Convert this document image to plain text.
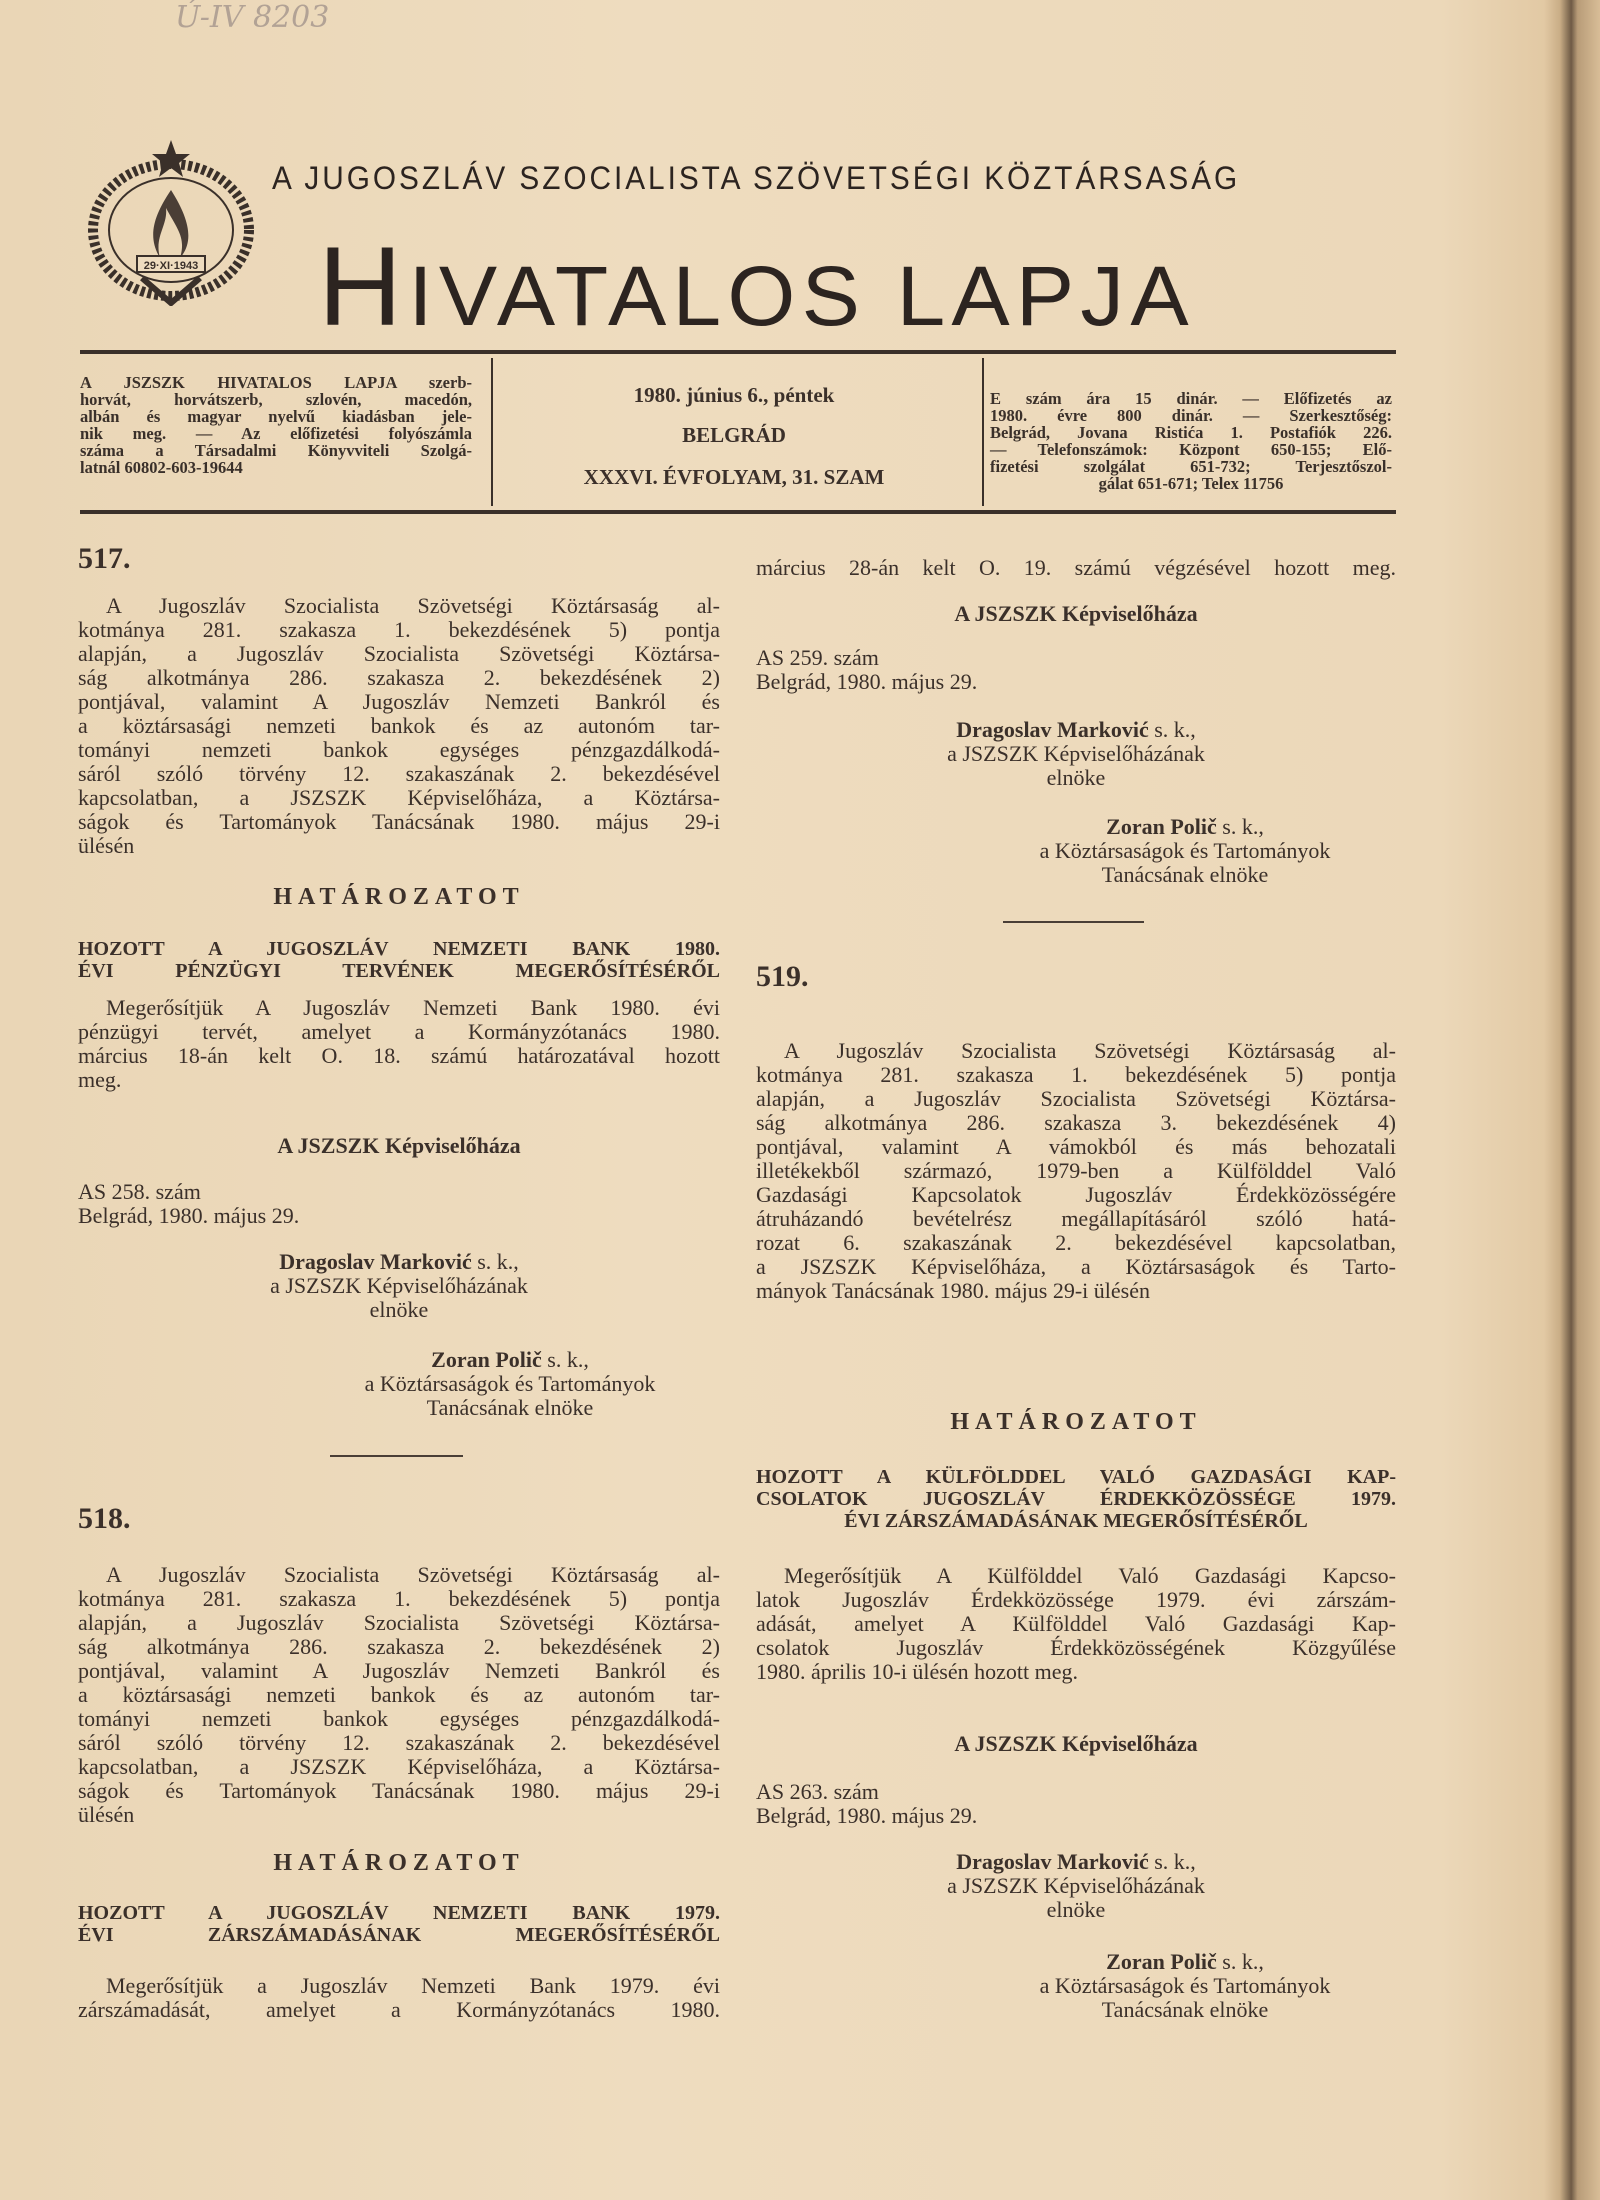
Ú-IV 8203
29·XI·1943
A JUGOSZLÁV SZOCIALISTA SZÖVETSÉGI KÖZTÁRSASÁG
HIVATALOS LAPJA
A JSZSZK HIVATALOS LAPJA szerb-
horvát, horvátszerb, szlovén, macedón,
albán és magyar nyelvű kiadásban jele-
nik meg. — Az előfizetési folyószámla
száma a Társadalmi Könyvviteli Szolgá-
latnál 60802-603-19644
1980. június 6., péntek
BELGRÁD
XXXVI. ÉVFOLYAM, 31. SZAM
E szám ára 15 dinár. — Előfizetés az
1980. évre 800 dinár. — Szerkesztőség:
Belgrád, Jovana Ristića 1. Postafiók 226.
— Telefonszámok: Központ 650-155; Elő-
fizetési szolgálat 651-732; Terjesztőszol-
gálat 651-671; Telex 11756
517.
A Jugoszláv Szocialista Szövetségi Köztársaság al-
kotmánya 281. szakasza 1. bekezdésének 5) pontja
alapján, a Jugoszláv Szocialista Szövetségi Köztársa-
ság alkotmánya 286. szakasza 2. bekezdésének 2)
pontjával, valamint A Jugoszláv Nemzeti Bankról és
a köztársasági nemzeti bankok és az autonóm tar-
tományi nemzeti bankok egységes pénzgazdálkodá-
sáról szóló törvény 12. szakaszának 2. bekezdésével
kapcsolatban, a JSZSZK Képviselőháza, a Köztársa-
ságok és Tartományok Tanácsának 1980. május 29-i
ülésén
HATÁROZATOT
HOZOTT A JUGOSZLÁV NEMZETI BANK 1980.
ÉVI PÉNZÜGYI TERVÉNEK MEGERŐSÍTÉSÉRŐL
Megerősítjük A Jugoszláv Nemzeti Bank 1980. évi
pénzügyi tervét, amelyet a Kormányzótanács 1980.
március 18-án kelt O. 18. számú határozatával hozott
meg.
A JSZSZK Képviselőháza
AS 258. szám
Belgrád, 1980. május 29.
Dragoslav Marković s. k.,
a JSZSZK Képviselőházának
elnöke
Zoran Polič s. k.,
a Köztársaságok és Tartományok
Tanácsának elnöke
518.
A Jugoszláv Szocialista Szövetségi Köztársaság al-
kotmánya 281. szakasza 1. bekezdésének 5) pontja
alapján, a Jugoszláv Szocialista Szövetségi Köztársa-
ság alkotmánya 286. szakasza 2. bekezdésének 2)
pontjával, valamint A Jugoszláv Nemzeti Bankról és
a köztársasági nemzeti bankok és az autonóm tar-
tományi nemzeti bankok egységes pénzgazdálkodá-
sáról szóló törvény 12. szakaszának 2. bekezdésével
kapcsolatban, a JSZSZK Képviselőháza, a Köztársa-
ságok és Tartományok Tanácsának 1980. május 29-i
ülésén
HATÁROZATOT
HOZOTT A JUGOSZLÁV NEMZETI BANK 1979.
ÉVI ZÁRSZÁMADÁSÁNAK MEGERŐSÍTÉSÉRŐL
Megerősítjük a Jugoszláv Nemzeti Bank 1979. évi
zárszámadását, amelyet a Kormányzótanács 1980.
március 28-án kelt O. 19. számú végzésével hozott meg.
A JSZSZK Képviselőháza
AS 259. szám
Belgrád, 1980. május 29.
Dragoslav Marković s. k.,
a JSZSZK Képviselőházának
elnöke
Zoran Polič s. k.,
a Köztársaságok és Tartományok
Tanácsának elnöke
519.
A Jugoszláv Szocialista Szövetségi Köztársaság al-
kotmánya 281. szakasza 1. bekezdésének 5) pontja
alapján, a Jugoszláv Szocialista Szövetségi Köztársa-
ság alkotmánya 286. szakasza 3. bekezdésének 4)
pontjával, valamint A vámokból és más behozatali
illetékekből származó, 1979-ben a Külfölddel Való
Gazdasági Kapcsolatok Jugoszláv Érdekközösségére
átruházandó bevételrész megállapításáról szóló hatá-
rozat 6. szakaszának 2. bekezdésével kapcsolatban,
a JSZSZK Képviselőháza, a Köztársaságok és Tarto-
mányok Tanácsának 1980. május 29-i ülésén
HATÁROZATOT
HOZOTT A KÜLFÖLDDEL VALÓ GAZDASÁGI KAP-
CSOLATOK JUGOSZLÁV ÉRDEKKÖZÖSSÉGE 1979.
ÉVI ZÁRSZÁMADÁSÁNAK MEGERŐSÍTÉSÉRŐL
Megerősítjük A Külfölddel Való Gazdasági Kapcso-
latok Jugoszláv Érdekközössége 1979. évi zárszám-
adását, amelyet A Külfölddel Való Gazdasági Kap-
csolatok Jugoszláv Érdekközösségének Közgyűlése
1980. április 10-i ülésén hozott meg.
A JSZSZK Képviselőháza
AS 263. szám
Belgrád, 1980. május 29.
Dragoslav Marković s. k.,
a JSZSZK Képviselőházának
elnöke
Zoran Polič s. k.,
a Köztársaságok és Tartományok
Tanácsának elnöke
